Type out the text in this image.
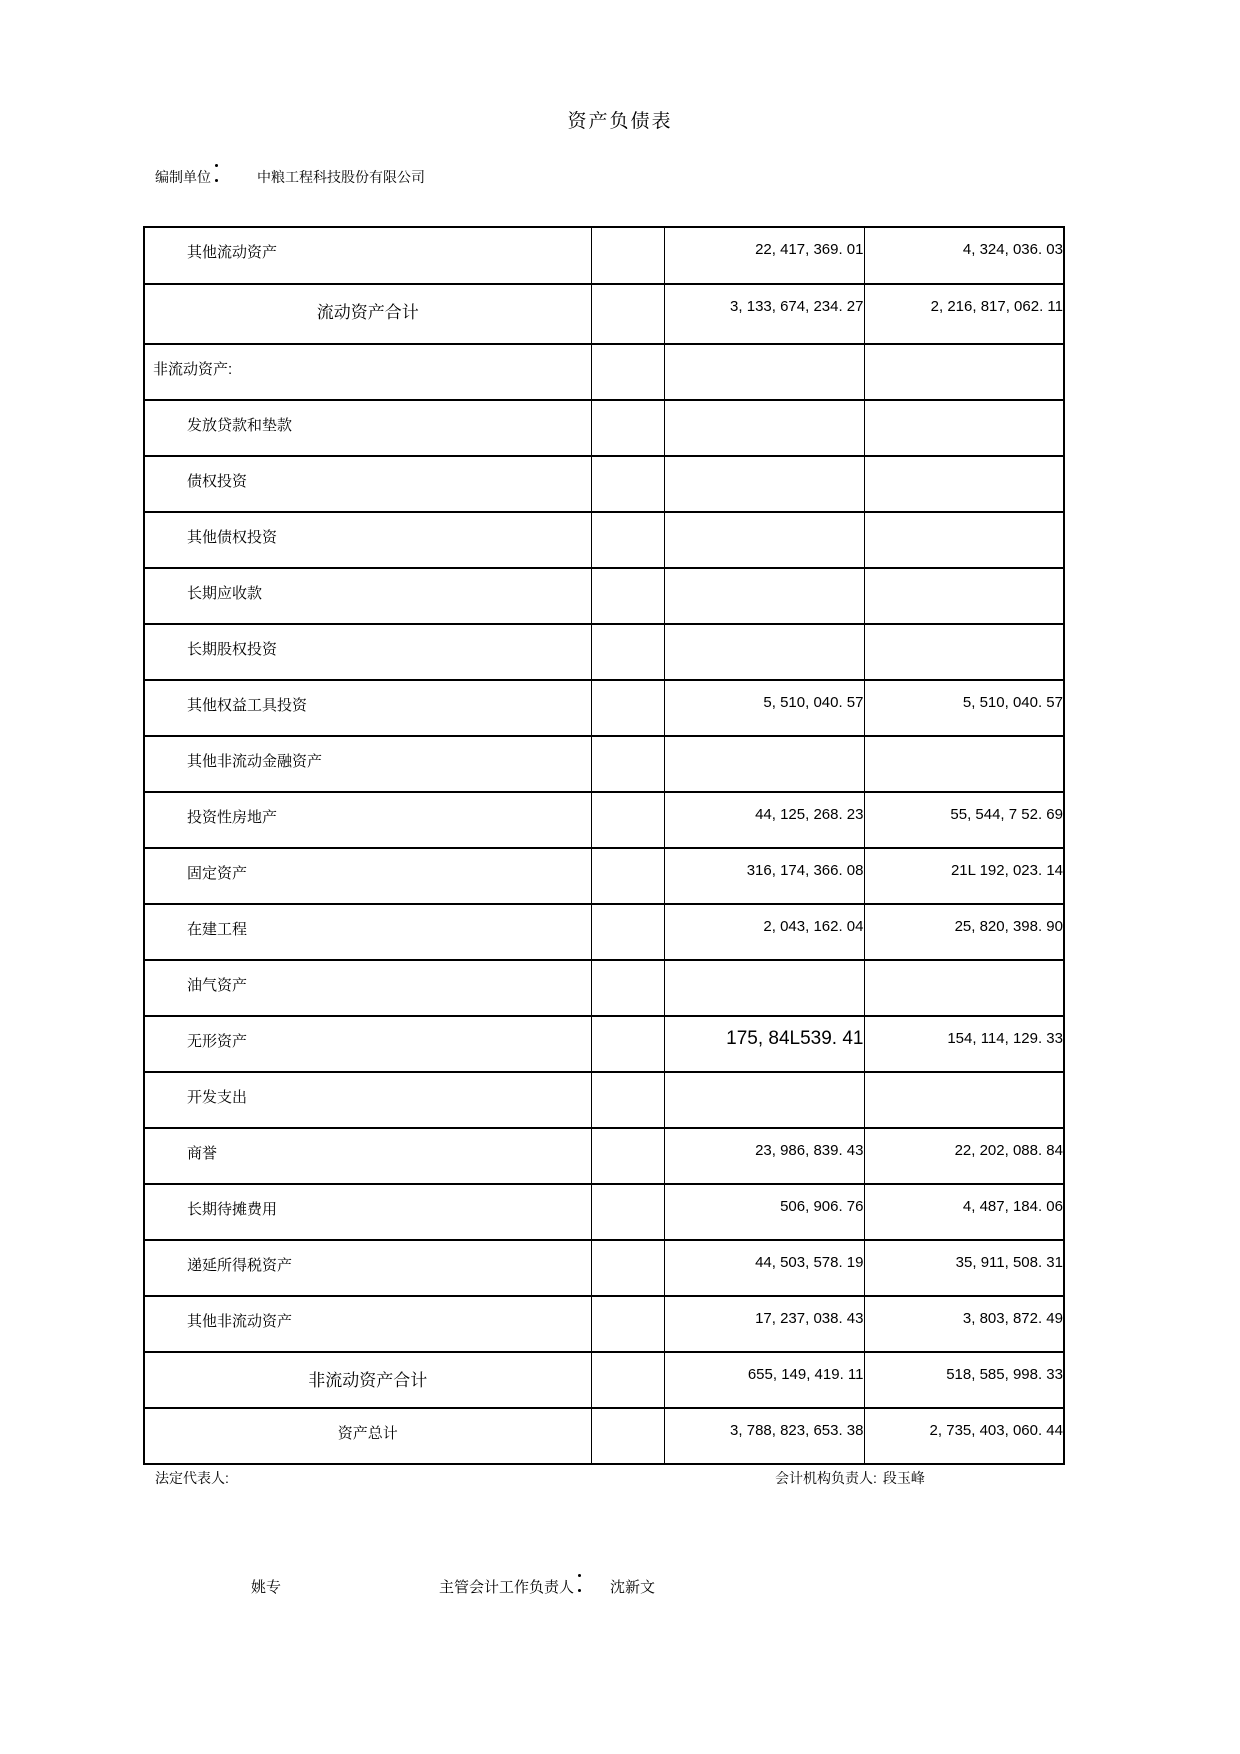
资产负债表
编制单位	中粮工程科技股份有限公司
其他流动资产		22, 417, 369. 01	4, 324, 036. 03
流动资产合计		3, 133, 674, 234. 27	2, 216, 817, 062. 11
非流动资产:			
发放贷款和垫款			
债权投资			
其他债权投资			
长期应收款			
长期股权投资			
其他权益工具投资		5, 510, 040. 57	5, 510, 040. 57
其他非流动金融资产			
投资性房地产		44, 125, 268. 23	55, 544, 7 52. 69
固定资产		316, 174, 366. 08	21L 192, 023. 14
在建工程		2, 043, 162. 04	25, 820, 398. 90
油气资产			
无形资产		175, 84L539. 41	154, 114, 129. 33
开发支出			
商誉		23, 986, 839. 43	22, 202, 088. 84
长期待摊费用		506, 906. 76	4, 487, 184. 06
递延所得税资产		44, 503, 578. 19	35, 911, 508. 31
其他非流动资产		17, 237, 038. 43	3, 803, 872. 49
非流动资产合计		655, 149, 419. 11	518, 585, 998. 33
资产总计		3, 788, 823, 653. 38	2, 735, 403, 060. 44
法定代表人:	会计机构负责人: 段玉峰
姚专	主管会计工作负责人 沈新文
